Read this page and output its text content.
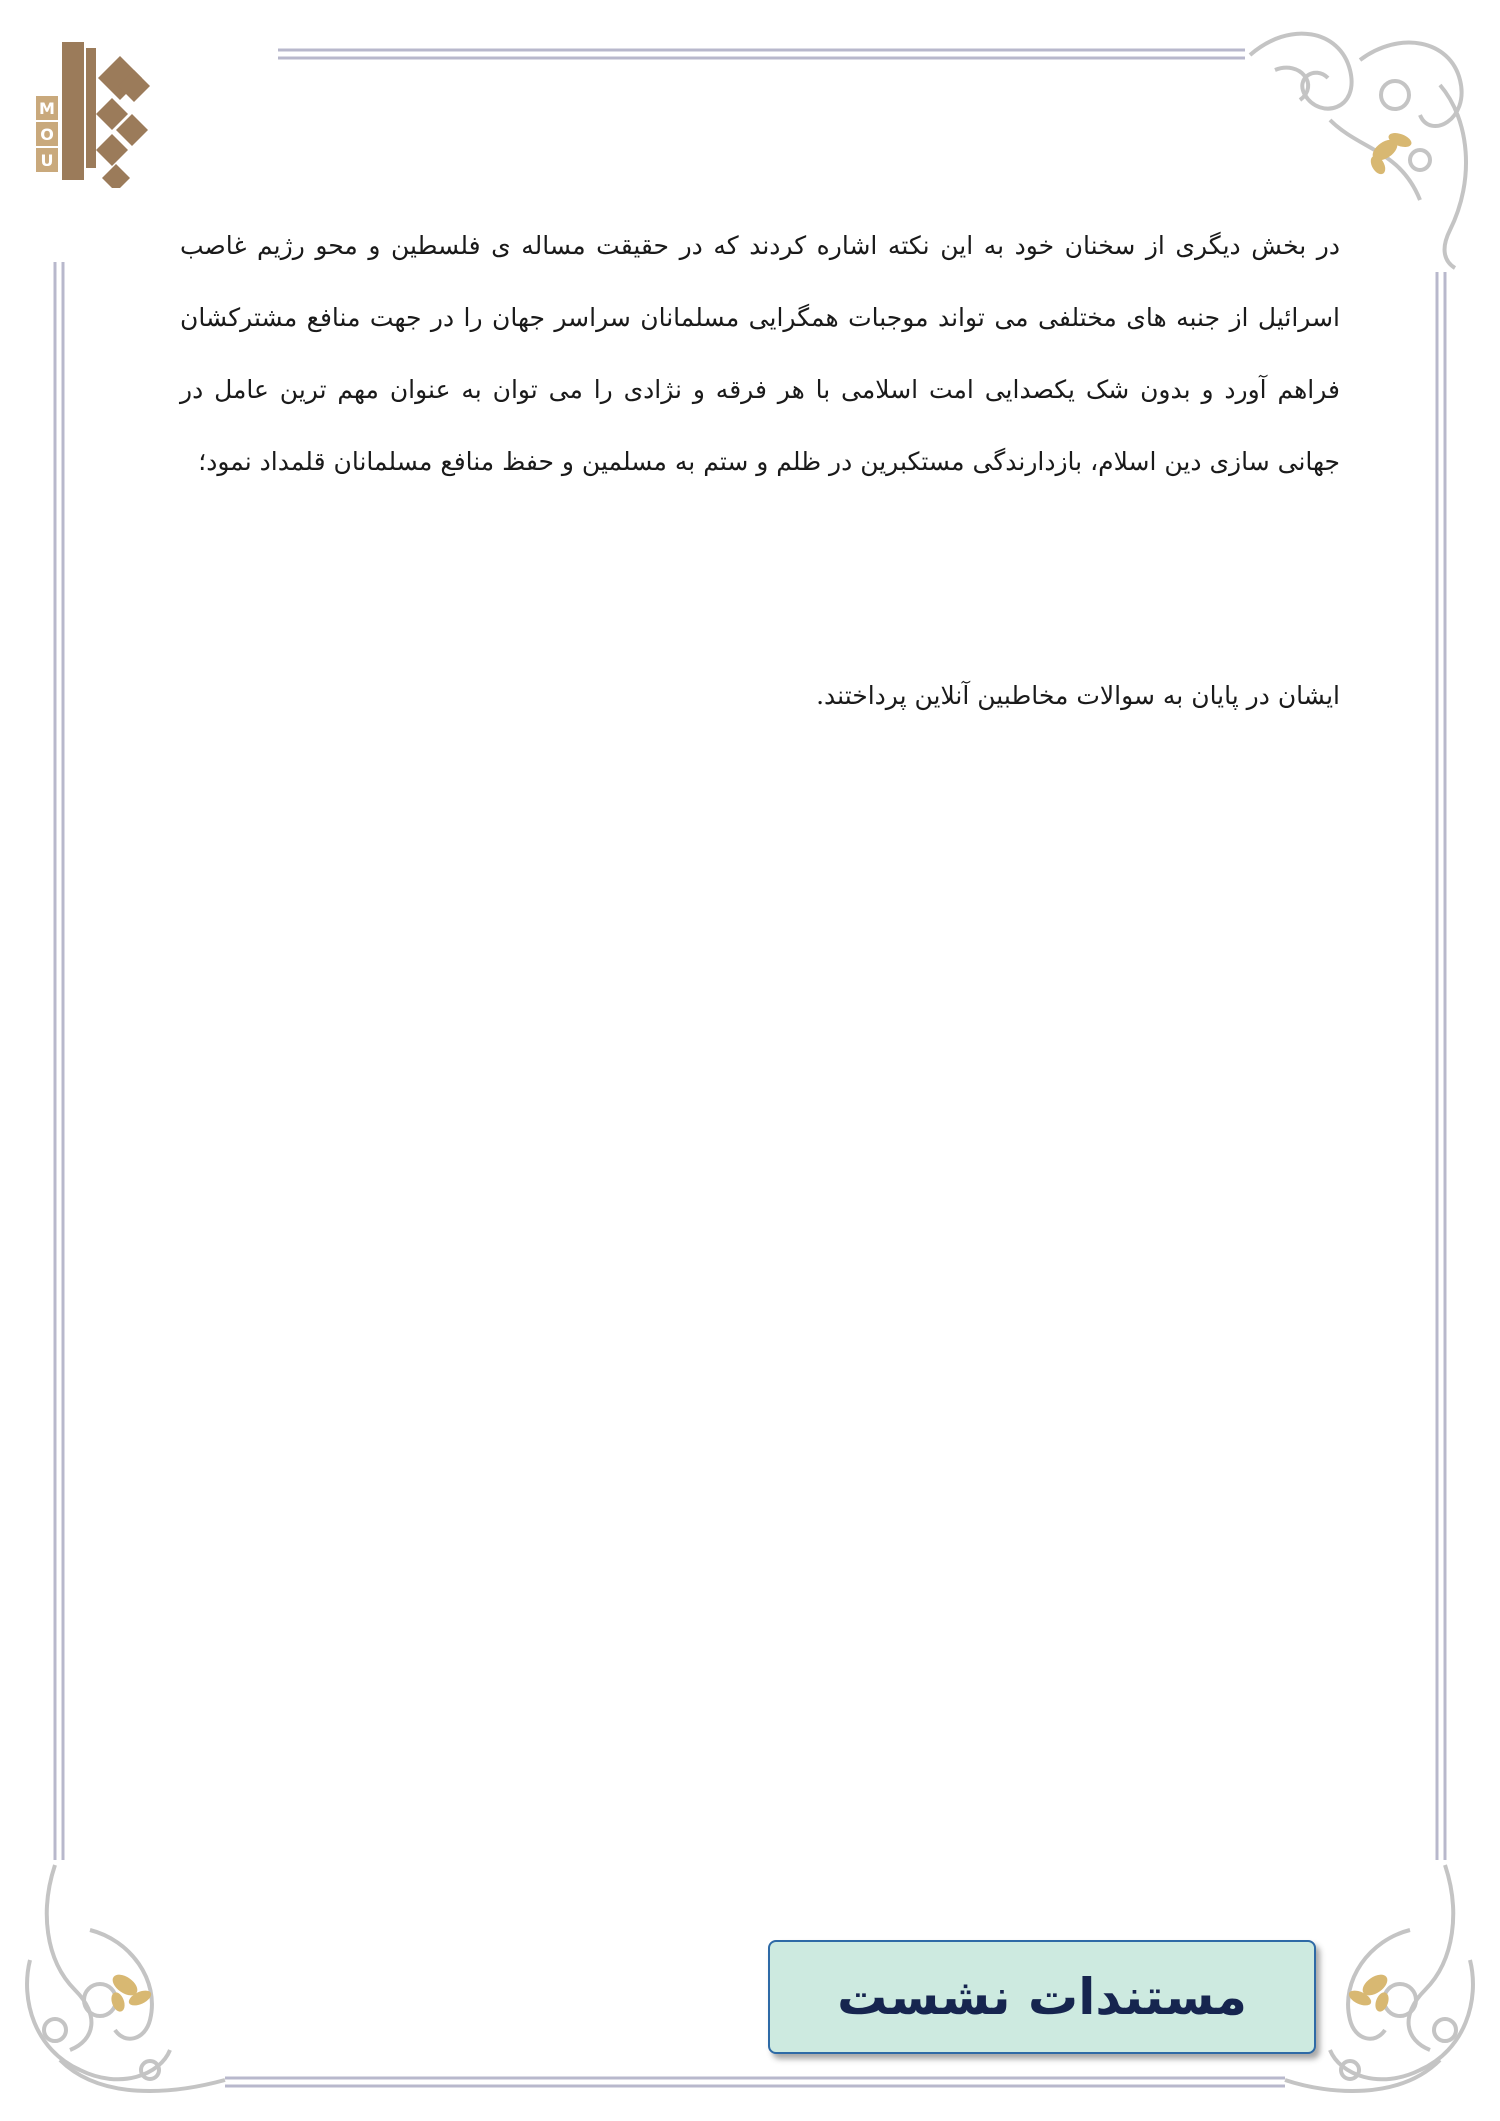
M
O
U

در بخش دیگری از سخنان خود به این نکته اشاره کردند که در حقیقت مساله ی فلسطین و محو رژیم غاصب اسرائیل از جنبه های مختلفی می تواند موجبات همگرایی مسلمانان سراسر جهان را در جهت منافع مشترکشان فراهم آورد و بدون شک یکصدایی امت اسلامی با هر فرقه و نژادی را می توان به عنوان مهم ترین عامل در جهانی سازی دین اسلام، بازدارندگی مستکبرین در ظلم و ستم به مسلمین و حفظ منافع مسلمانان قلمداد نمود؛

ایشان در پایان به سوالات مخاطبین آنلاین پرداختند.

مستندات نشست
